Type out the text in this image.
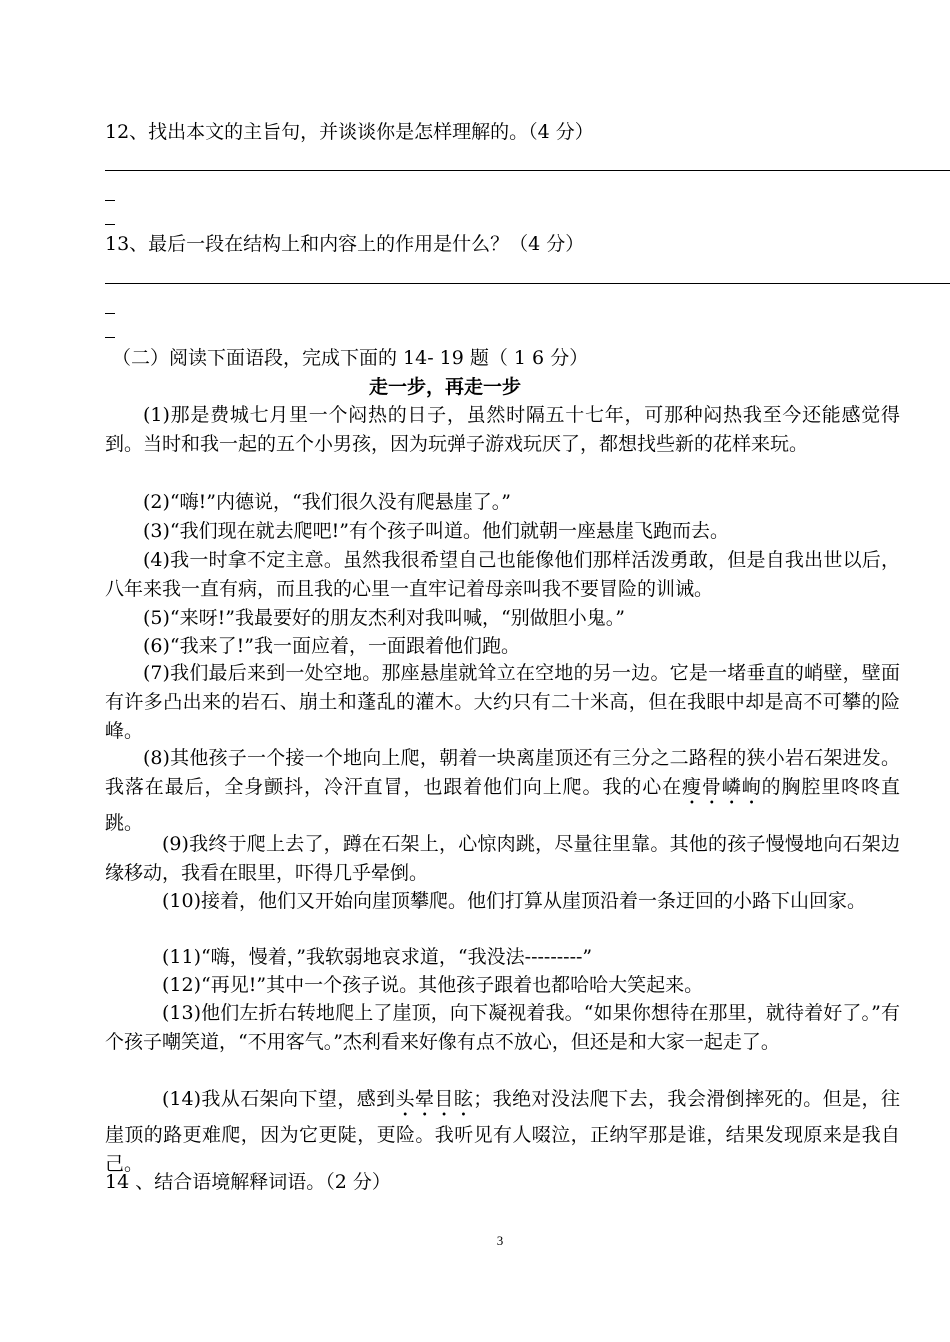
12、找出本文的主旨句，并谈谈你是怎样理解的。（4 分）
13、最后一段在结构上和内容上的作用是什么？（4 分）
（二）阅读下面语段，完成下面的 14- 19 题（ 1 6 分）
走一步，再走一步
(1)那是费城七月里一个闷热的日子，虽然时隔五十七年，可那种闷热我至今还能感觉得到。当时和我一起的五个小男孩，因为玩弹子游戏玩厌了，都想找些新的花样来玩。
(2)“嗨!”内德说，“我们很久没有爬悬崖了。”
(3)“我们现在就去爬吧!”有个孩子叫道。他们就朝一座悬崖飞跑而去。
(4)我一时拿不定主意。虽然我很希望自己也能像他们那样活泼勇敢，但是自我出世以后，八年来我一直有病，而且我的心里一直牢记着母亲叫我不要冒险的训诫。
(5)“来呀!”我最要好的朋友杰利对我叫喊，“别做胆小鬼。”
(6)“我来了!”我一面应着，一面跟着他们跑。
(7)我们最后来到一处空地。那座悬崖就耸立在空地的另一边。它是一堵垂直的峭壁，壁面有许多凸出来的岩石、崩土和蓬乱的灌木。大约只有二十米高，但在我眼中却是高不可攀的险峰。
(8)其他孩子一个接一个地向上爬，朝着一块离崖顶还有三分之二路程的狭小岩石架进发。我落在最后，全身颤抖，冷汗直冒，也跟着他们向上爬。我的心在瘦骨嶙峋的胸腔里咚咚直跳。
(9)我终于爬上去了，蹲在石架上，心惊肉跳，尽量往里靠。其他的孩子慢慢地向石架边缘移动，我看在眼里，吓得几乎晕倒。
(10)接着，他们又开始向崖顶攀爬。他们打算从崖顶沿着一条迂回的小路下山回家。
(11)“嗨，慢着，”我软弱地哀求道，“我没法---------”
(12)“再见!”其中一个孩子说。其他孩子跟着也都哈哈大笑起来。
(13)他们左折右转地爬上了崖顶，向下凝视着我。“如果你想待在那里，就待着好了。”有个孩子嘲笑道，“不用客气。”杰利看来好像有点不放心，但还是和大家一起走了。
(14)我从石架向下望，感到头晕目眩；我绝对没法爬下去，我会滑倒摔死的。但是，往崖顶的路更难爬，因为它更陡，更险。我听见有人啜泣，正纳罕那是谁，结果发现原来是我自己。
14 、结合语境解释词语。（2 分）
3
